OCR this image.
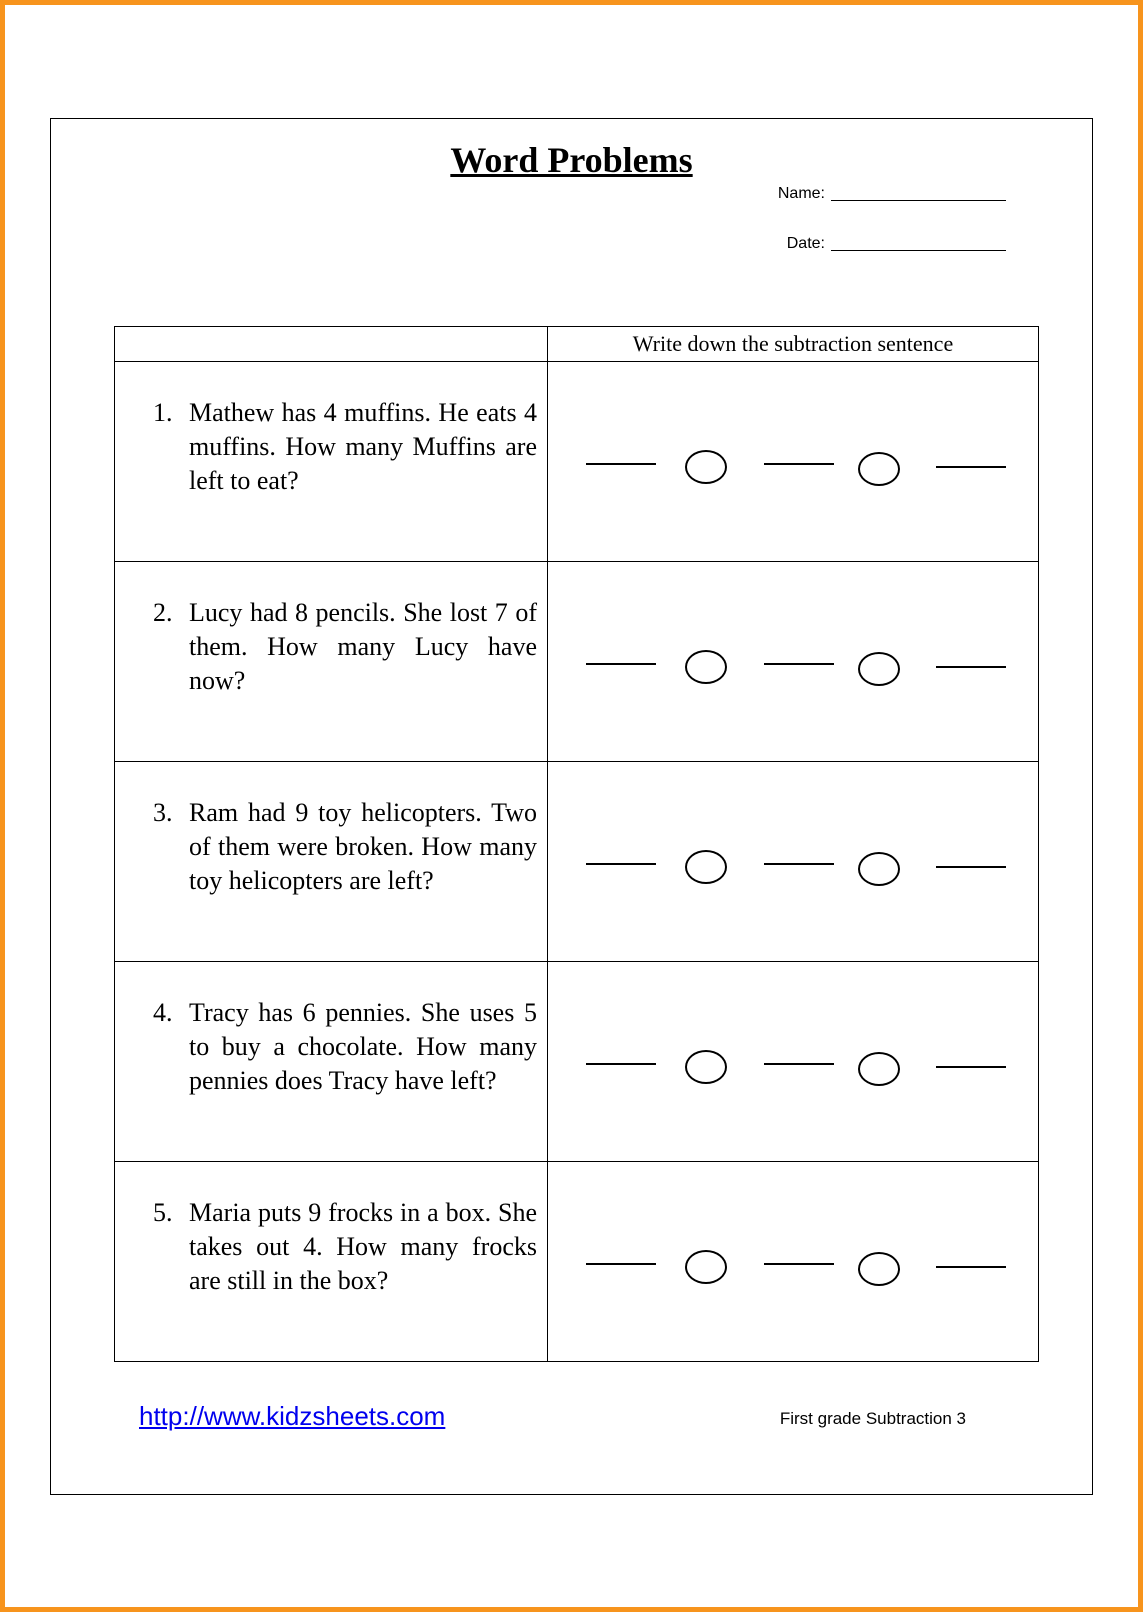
Word Problems
Name:
Date:
	Write down the subtraction sentence

1. Mathew has 4 muffins. He eats 4 muffins. How many Muffins are left to eat?	

2. Lucy had 8 pencils. She lost 7 of them. How many Lucy have now?	

3. Ram had 9 toy helicopters. Two of them were broken. How many toy helicopters are left?	

4. Tracy has 6 pennies. She uses 5 to buy a chocolate. How many pennies does Tracy have left?	

5. Maria puts 9 frocks in a box. She takes out 4. How many frocks are still in the box?	

http://www.kidzsheets.com	First grade Subtraction 3
